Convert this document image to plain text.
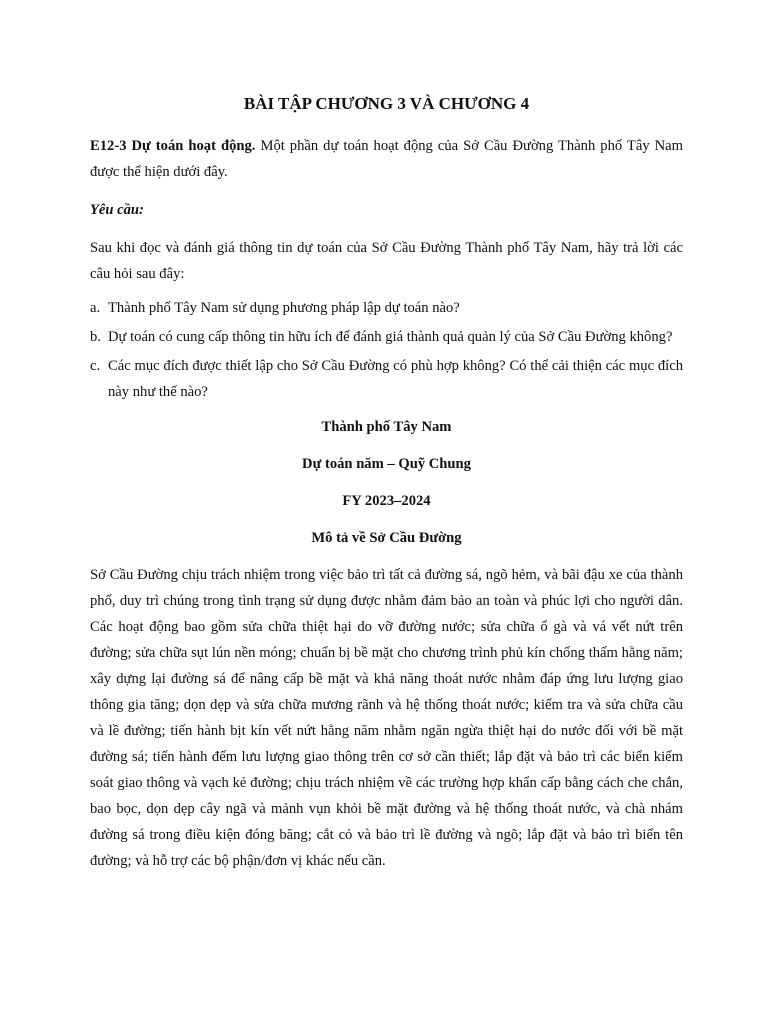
BÀI TẬP CHƯƠNG 3 VÀ CHƯƠNG 4

E12-3 Dự toán hoạt động. Một phần dự toán hoạt động của Sở Cầu Đường Thành phố Tây Nam được thể hiện dưới đây.

Yêu cầu:

Sau khi đọc và đánh giá thông tin dự toán của Sở Cầu Đường Thành phố Tây Nam, hãy trả lời các câu hỏi sau đây:

a. Thành phố Tây Nam sử dụng phương pháp lập dự toán nào?
b. Dự toán có cung cấp thông tin hữu ích để đánh giá thành quả quản lý của Sở Cầu Đường không?
c. Các mục đích được thiết lập cho Sở Cầu Đường có phù hợp không? Có thể cải thiện các mục đích này như thế nào?

Thành phố Tây Nam

Dự toán năm – Quỹ Chung

FY 2023–2024

Mô tả về Sở Cầu Đường

Sở Cầu Đường chịu trách nhiệm trong việc bảo trì tất cả đường sá, ngõ hẻm, và bãi đậu xe của thành phố, duy trì chúng trong tình trạng sử dụng được nhằm đảm bảo an toàn và phúc lợi cho người dân. Các hoạt động bao gồm sửa chữa thiệt hại do vỡ đường nước; sửa chữa ổ gà và vá vết nứt trên đường; sửa chữa sụt lún nền móng; chuẩn bị bề mặt cho chương trình phủ kín chống thấm hằng năm; xây dựng lại đường sá để nâng cấp bề mặt và khả năng thoát nước nhằm đáp ứng lưu lượng giao thông gia tăng; dọn dẹp và sửa chữa mương rãnh và hệ thống thoát nước; kiểm tra và sửa chữa cầu và lề đường; tiến hành bịt kín vết nứt hằng năm nhằm ngăn ngừa thiệt hại do nước đối với bề mặt đường sá; tiến hành đếm lưu lượng giao thông trên cơ sở cần thiết; lắp đặt và bảo trì các biển kiểm soát giao thông và vạch kẻ đường; chịu trách nhiệm về các trường hợp khẩn cấp bằng cách che chắn, bao bọc, dọn dẹp cây ngã và mảnh vụn khỏi bề mặt đường và hệ thống thoát nước, và chà nhám đường sá trong điều kiện đóng băng; cắt cỏ và bảo trì lề đường và ngõ; lắp đặt và bảo trì biển tên đường; và hỗ trợ các bộ phận/đơn vị khác nếu cần.
